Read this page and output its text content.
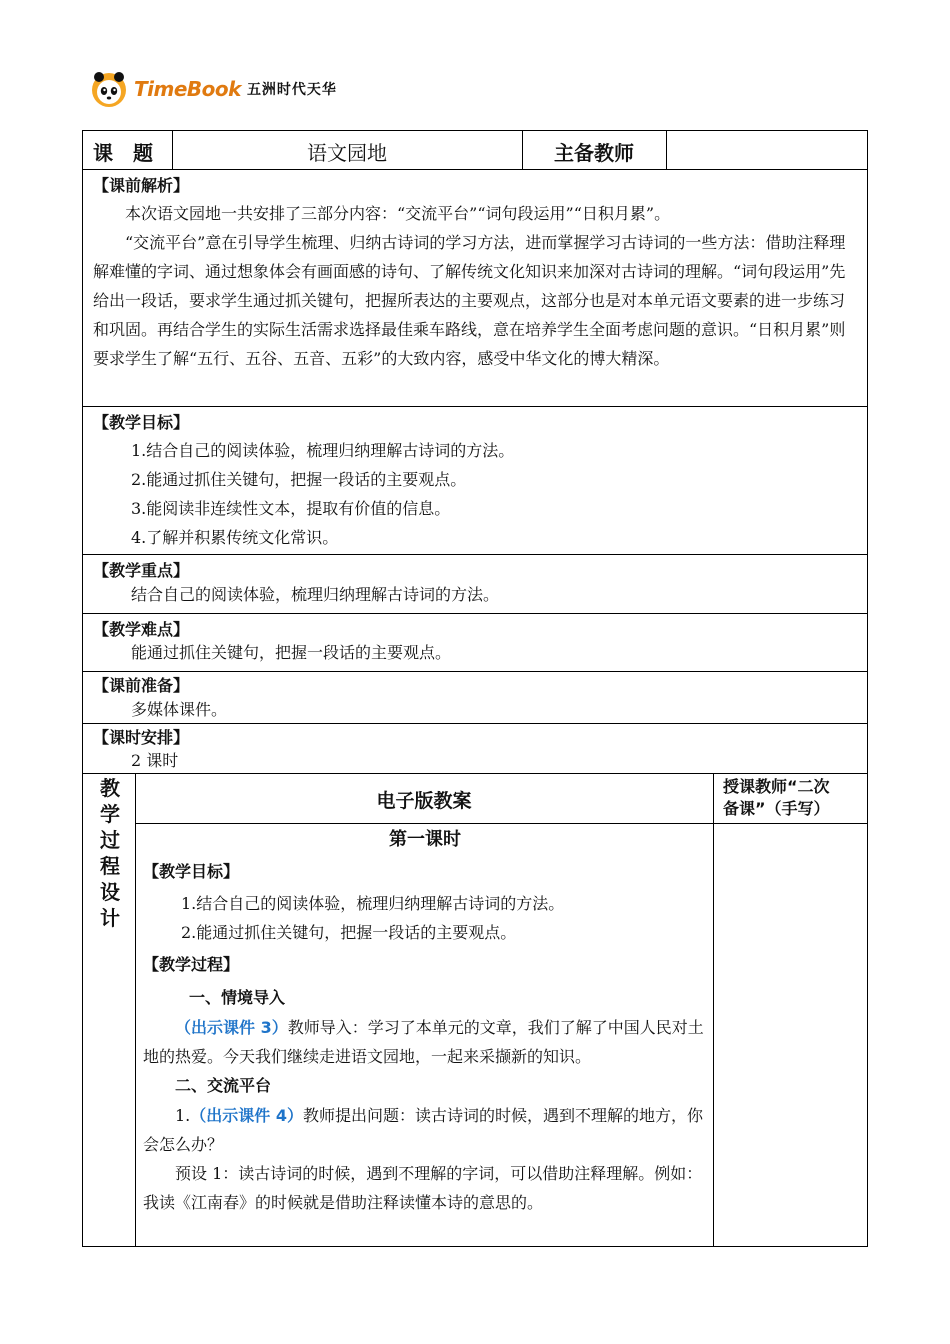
TimeBook 五洲时代天华
课　题	语文园地	主备教师
【课前解析】

本次语文园地一共安排了三部分内容：“交流平台”“词句段运用”“日积月累”。

“交流平台”意在引导学生梳理、归纳古诗词的学习方法，进而掌握学习古诗词的一些方法：借助注释理解难懂的字词、通过想象体会有画面感的诗句、了解传统文化知识来加深对古诗词的理解。“词句段运用”先给出一段话，要求学生通过抓关键句，把握所表达的主要观点，这部分也是对本单元语文要素的进一步练习和巩固。再结合学生的实际生活需求选择最佳乘车路线，意在培养学生全面考虑问题的意识。“日积月累”则要求学生了解“五行、五谷、五音、五彩”的大致内容，感受中华文化的博大精深。

【教学目标】

1.结合自己的阅读体验，梳理归纳理解古诗词的方法。

2.能通过抓住关键句，把握一段话的主要观点。

3.能阅读非连续性文本，提取有价值的信息。

4.了解并积累传统文化常识。

【教学重点】
结合自己的阅读体验，梳理归纳理解古诗词的方法。
【教学难点】
能通过抓住关键句，把握一段话的主要观点。
【课前准备】
多媒体课件。
【课时安排】
2 课时
教
学
过
程
设
计
电子版教案
授课教师“二次
备课”（手写）
第一课时
【教学目标】

1.结合自己的阅读体验，梳理归纳理解古诗词的方法。

2.能通过抓住关键句，把握一段话的主要观点。

【教学过程】
一、情境导入

（出示课件 3）教师导入：学习了本单元的文章，我们了解了中国人民对土地的热爱。今天我们继续走进语文园地，一起来采撷新的知识。

二、交流平台

1.（出示课件 4）教师提出问题：读古诗词的时候，遇到不理解的地方，你会怎么办？

预设 1：读古诗词的时候，遇到不理解的字词，可以借助注释理解。例如：我读《江南春》的时候就是借助注释读懂本诗的意思的。
